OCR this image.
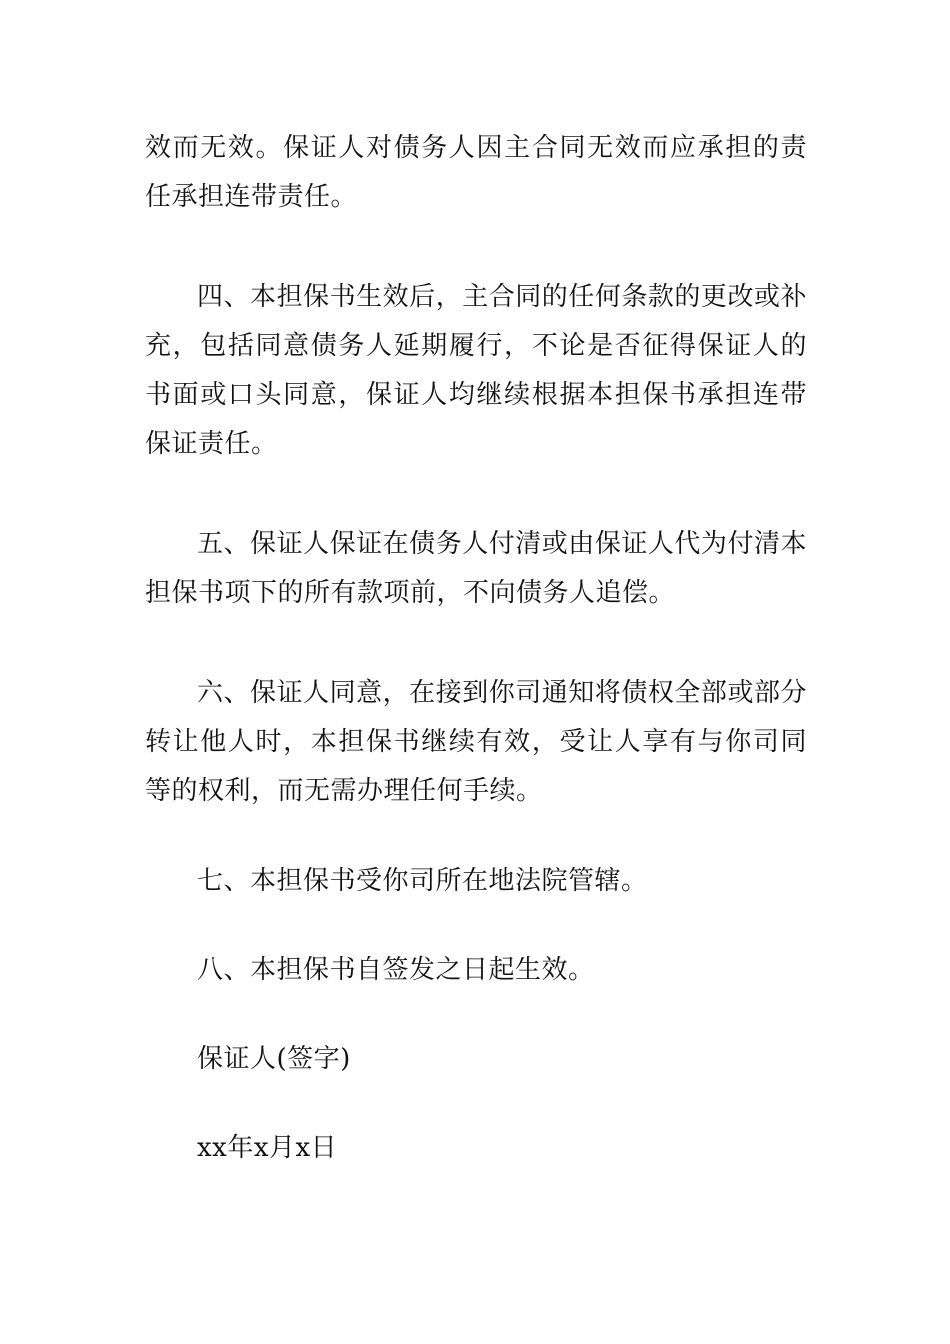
效而无效。保证人对债务人因主合同无效而应承担的责任承担连带责任。

四、本担保书生效后，主合同的任何条款的更改或补充，包括同意债务人延期履行，不论是否征得保证人的书面或口头同意，保证人均继续根据本担保书承担连带保证责任。

五、保证人保证在债务人付清或由保证人代为付清本担保书项下的所有款项前，不向债务人追偿。

六、保证人同意，在接到你司通知将债权全部或部分转让他人时，本担保书继续有效，受让人享有与你司同等的权利，而无需办理任何手续。

七、本担保书受你司所在地法院管辖。

八、本担保书自签发之日起生效。

保证人(签字)

xx年x月x日
